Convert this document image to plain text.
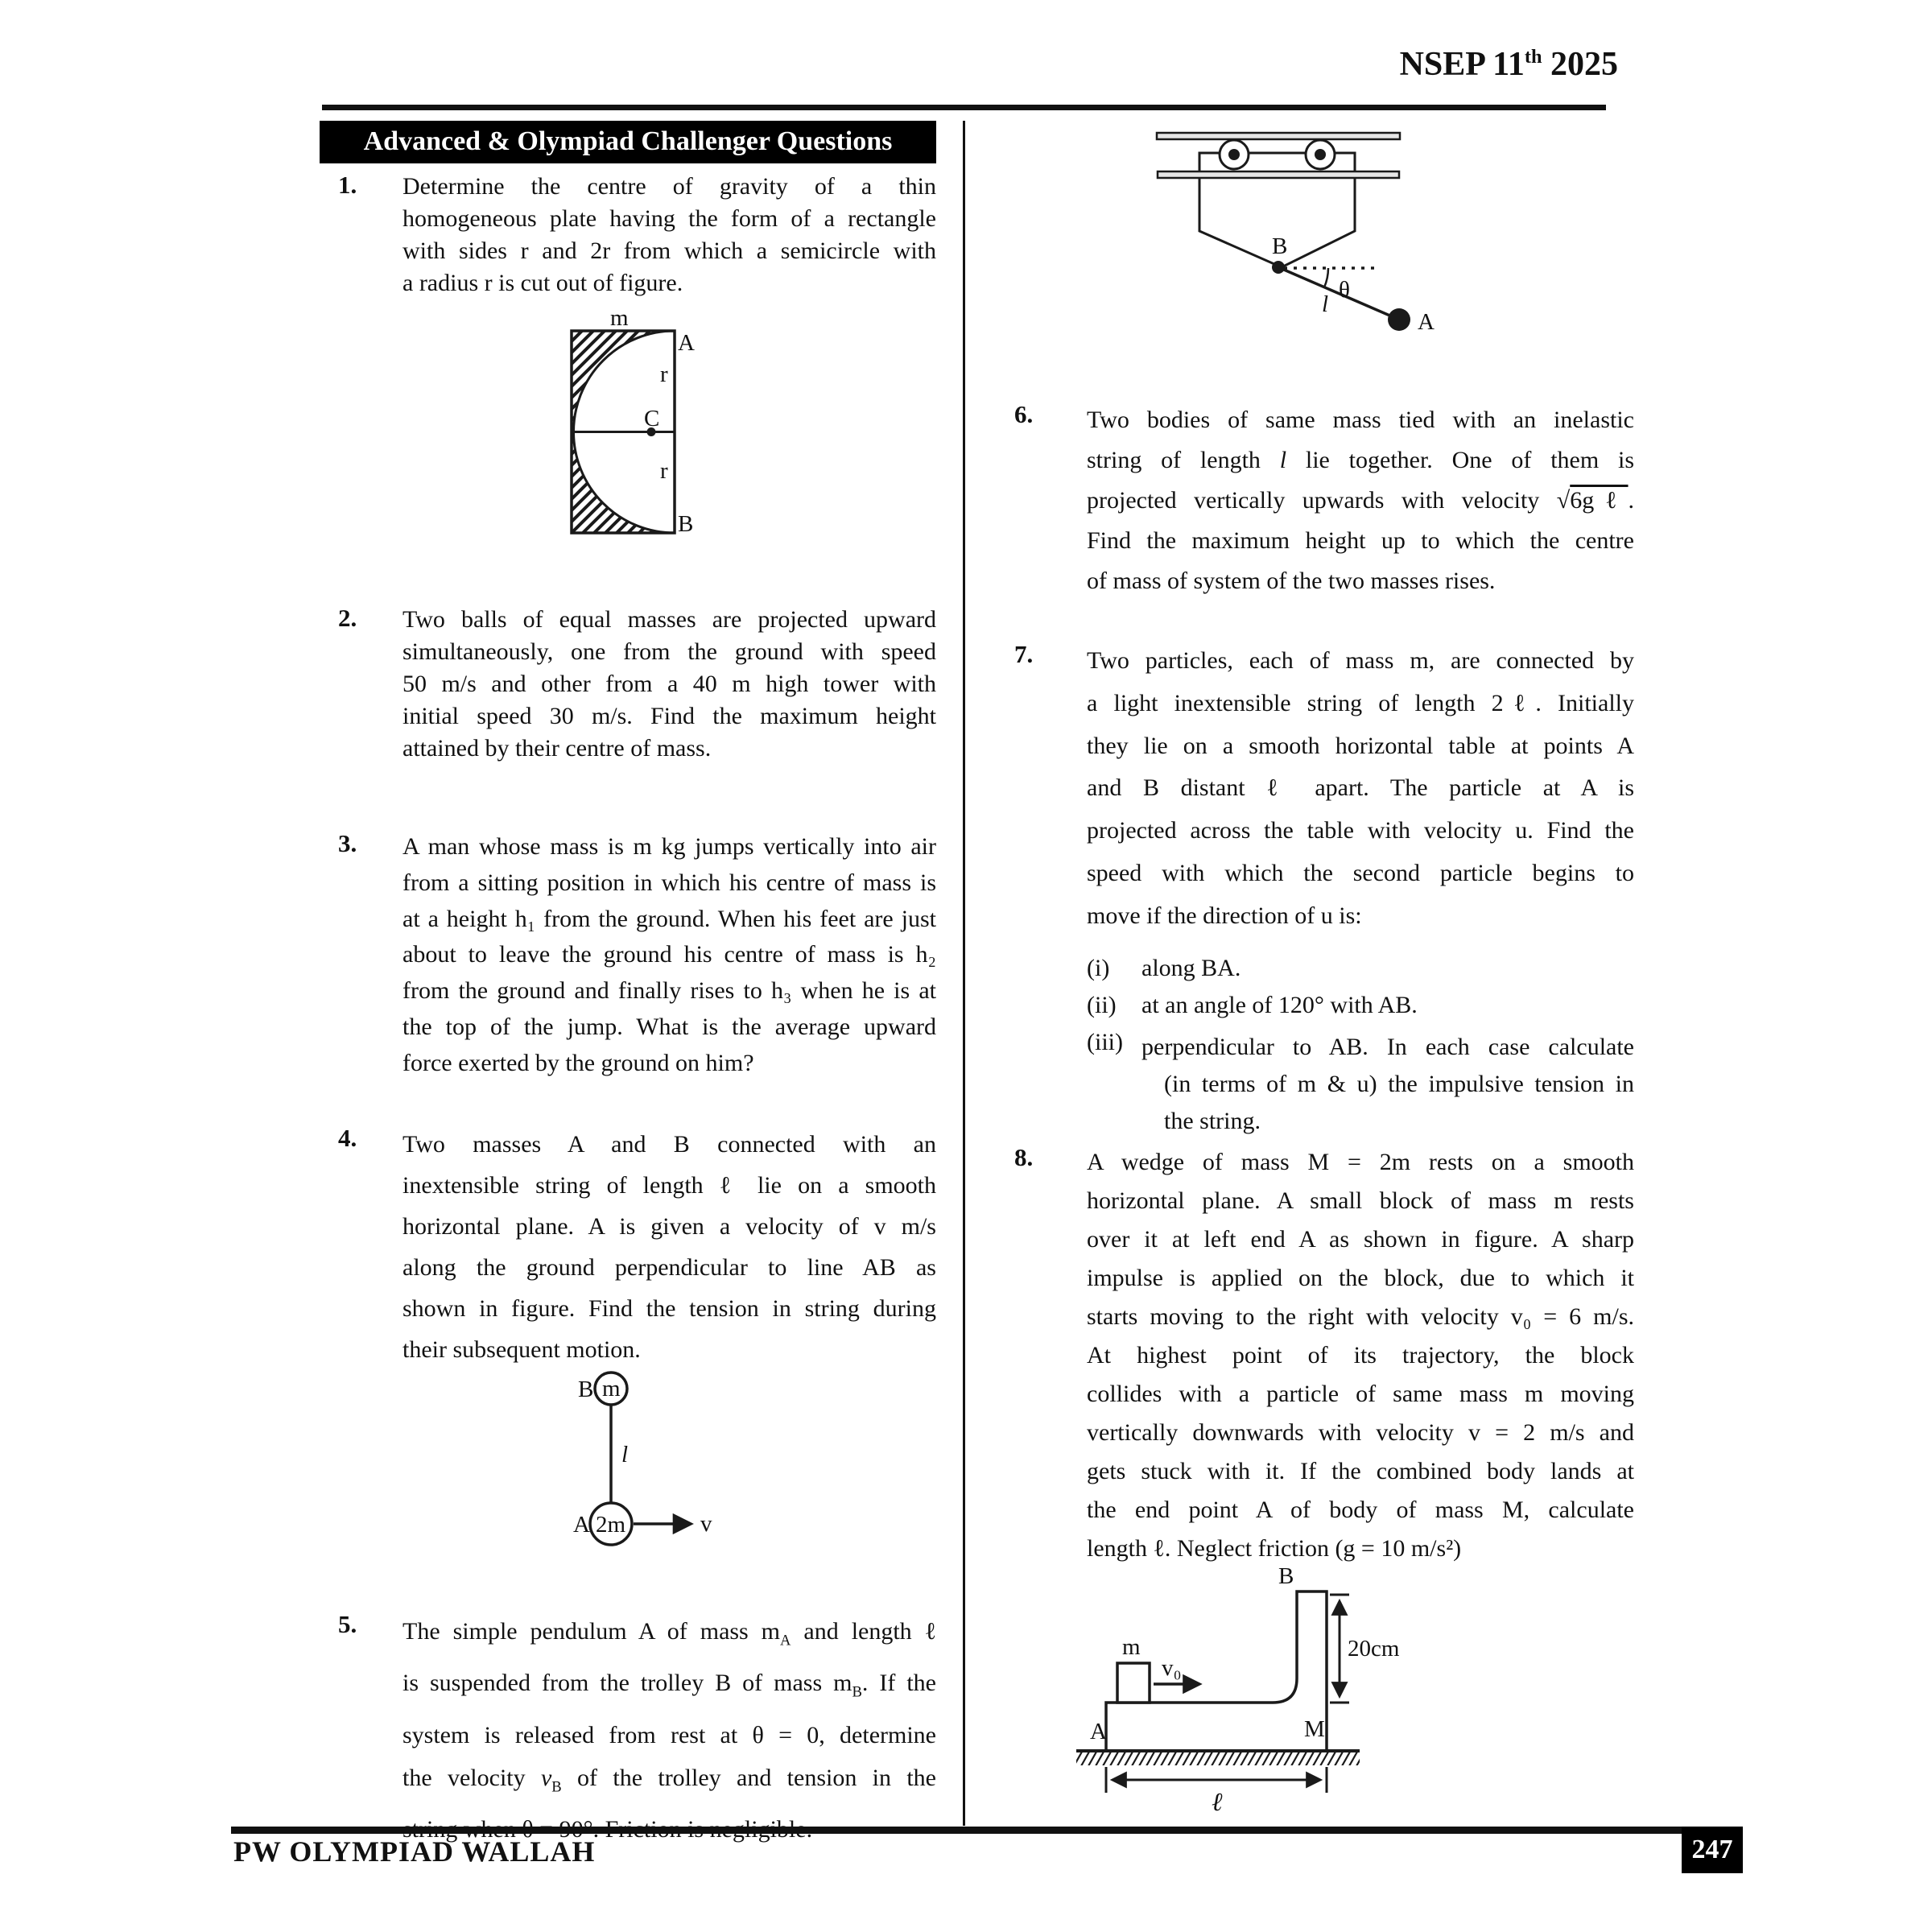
NSEP 11th 2025
Advanced & Olympiad Challenger Questions
1. Determine the centre of gravity of a thin
homogeneous plate having the form of a rectangle
with sides r and 2r from which a semicircle with
a radius r is cut out of figure.
m
A
r
C
r
B
2. Two balls of equal masses are projected upward
simultaneously, one from the ground with speed
50 m/s and other from a 40 m high tower with
initial speed 30 m/s. Find the maximum height
attained by their centre of mass.
3. A man whose mass is m kg jumps vertically into air
from a sitting position in which his centre of mass is
at a height h₁ from the ground. When his feet are just
about to leave the ground his centre of mass is h₂
from the ground and finally rises to h₃ when he is at
the top of the jump. What is the average upward
force exerted by the ground on him?
4. Two masses A and B connected with an
inextensible string of length ℓ lie on a smooth
horizontal plane. A is given a velocity of v m/s
along the ground perpendicular to line AB as
shown in figure. Find the tension in string during
their subsequent motion.
B m
l
A 2m	v
5. The simple pendulum A of mass $m_A$ and length ℓ
is suspended from the trolley B of mass $m_B$. If the
system is released from rest at θ = 0, determine
the velocity $v_B$ of the trolley and tension in the
B
θ
l
A
6. Two bodies of same mass tied with an inelastic
string of length l lie together. One of them is
projected vertically upwards with velocity √6gℓ.
Find the maximum height up to which the centre
of mass of system of the two masses rises.
7. Two particles, each of mass m, are connected by
a light inextensible string of length 2ℓ. Initially
they lie on a smooth horizontal table at points A
and B distant ℓ apart. The particle at A is
projected across the table with velocity u. Find the
speed with which the second particle begins to
move if the direction of u is:
(i) along BA.
(ii) at an angle of 120° with AB.
(iii) perpendicular to AB. In each case calculate
(in terms of m & u) the impulsive tension in
the string.
8. A wedge of mass M = 2m rests on a smooth
horizontal plane. A small block of mass m rests
over it at left end A as shown in figure. A sharp
impulse is applied on the block, due to which it
starts moving to the right with velocity v₀ = 6 m/s.
At highest point of its trajectory, the block
collides with a particle of same mass m moving
vertically downwards with velocity v = 2 m/s and
gets stuck with it. If the combined body lands at
the end point A of body of mass M, calculate
length ℓ. Neglect friction (g = 10 m/s²)
B
m
v₀
20cm
A	M
ℓ
PW OLYMPIAD WALLAH	247
